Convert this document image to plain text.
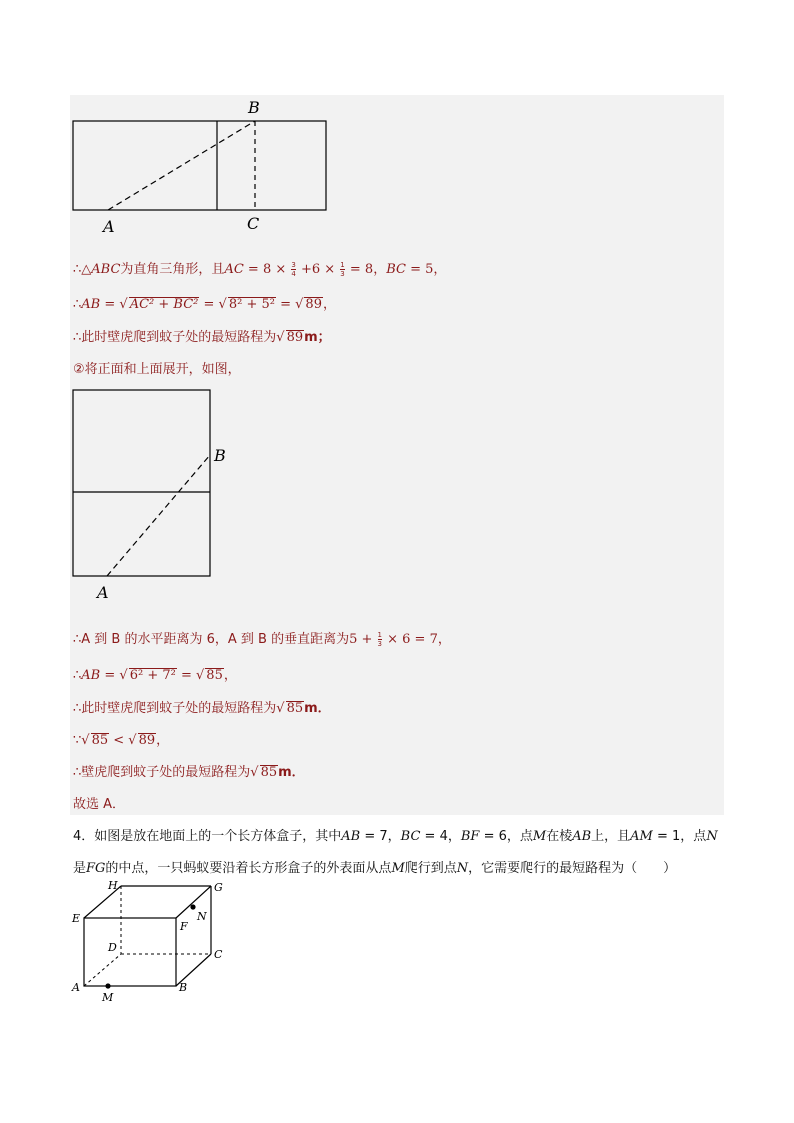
A
B
C
∴△ABC为直角三角形，且AC = $8 \times \frac{3}{4} +6 \times \frac{1}{3} = 8$，BC = 5，
∴AB = √ AC² + BC² = √ 8² + 5² = √ 89，
∴此时壁虎爬到蚊子处的最短路程为√ 89m；
②将正面和上面展开，如图，
A
B
∴A 到 B 的水平距离为 6，A 到 B 的垂直距离为$5 + \frac{1}{3} \times 6 = 7$，
∴AB = √ 6² + 7² = √ 85，
∴此时壁虎爬到蚊子处的最短路程为√ 85m．
∵√ 85 < √ 89，
∴壁虎爬到蚊子处的最短路程为√ 85m．
故选 A．
4．如图是放在地面上的一个长方体盒子，其中AB = 7，BC = 4，BF = 6，点M在棱AB上，且AM = 1，点N
是FG的中点，一只蚂蚁要沿着长方形盒子的外表面从点M爬行到点N，它需要爬行的最短路程为（　　）
H	G
E	N
F
D
C
A	B
M
